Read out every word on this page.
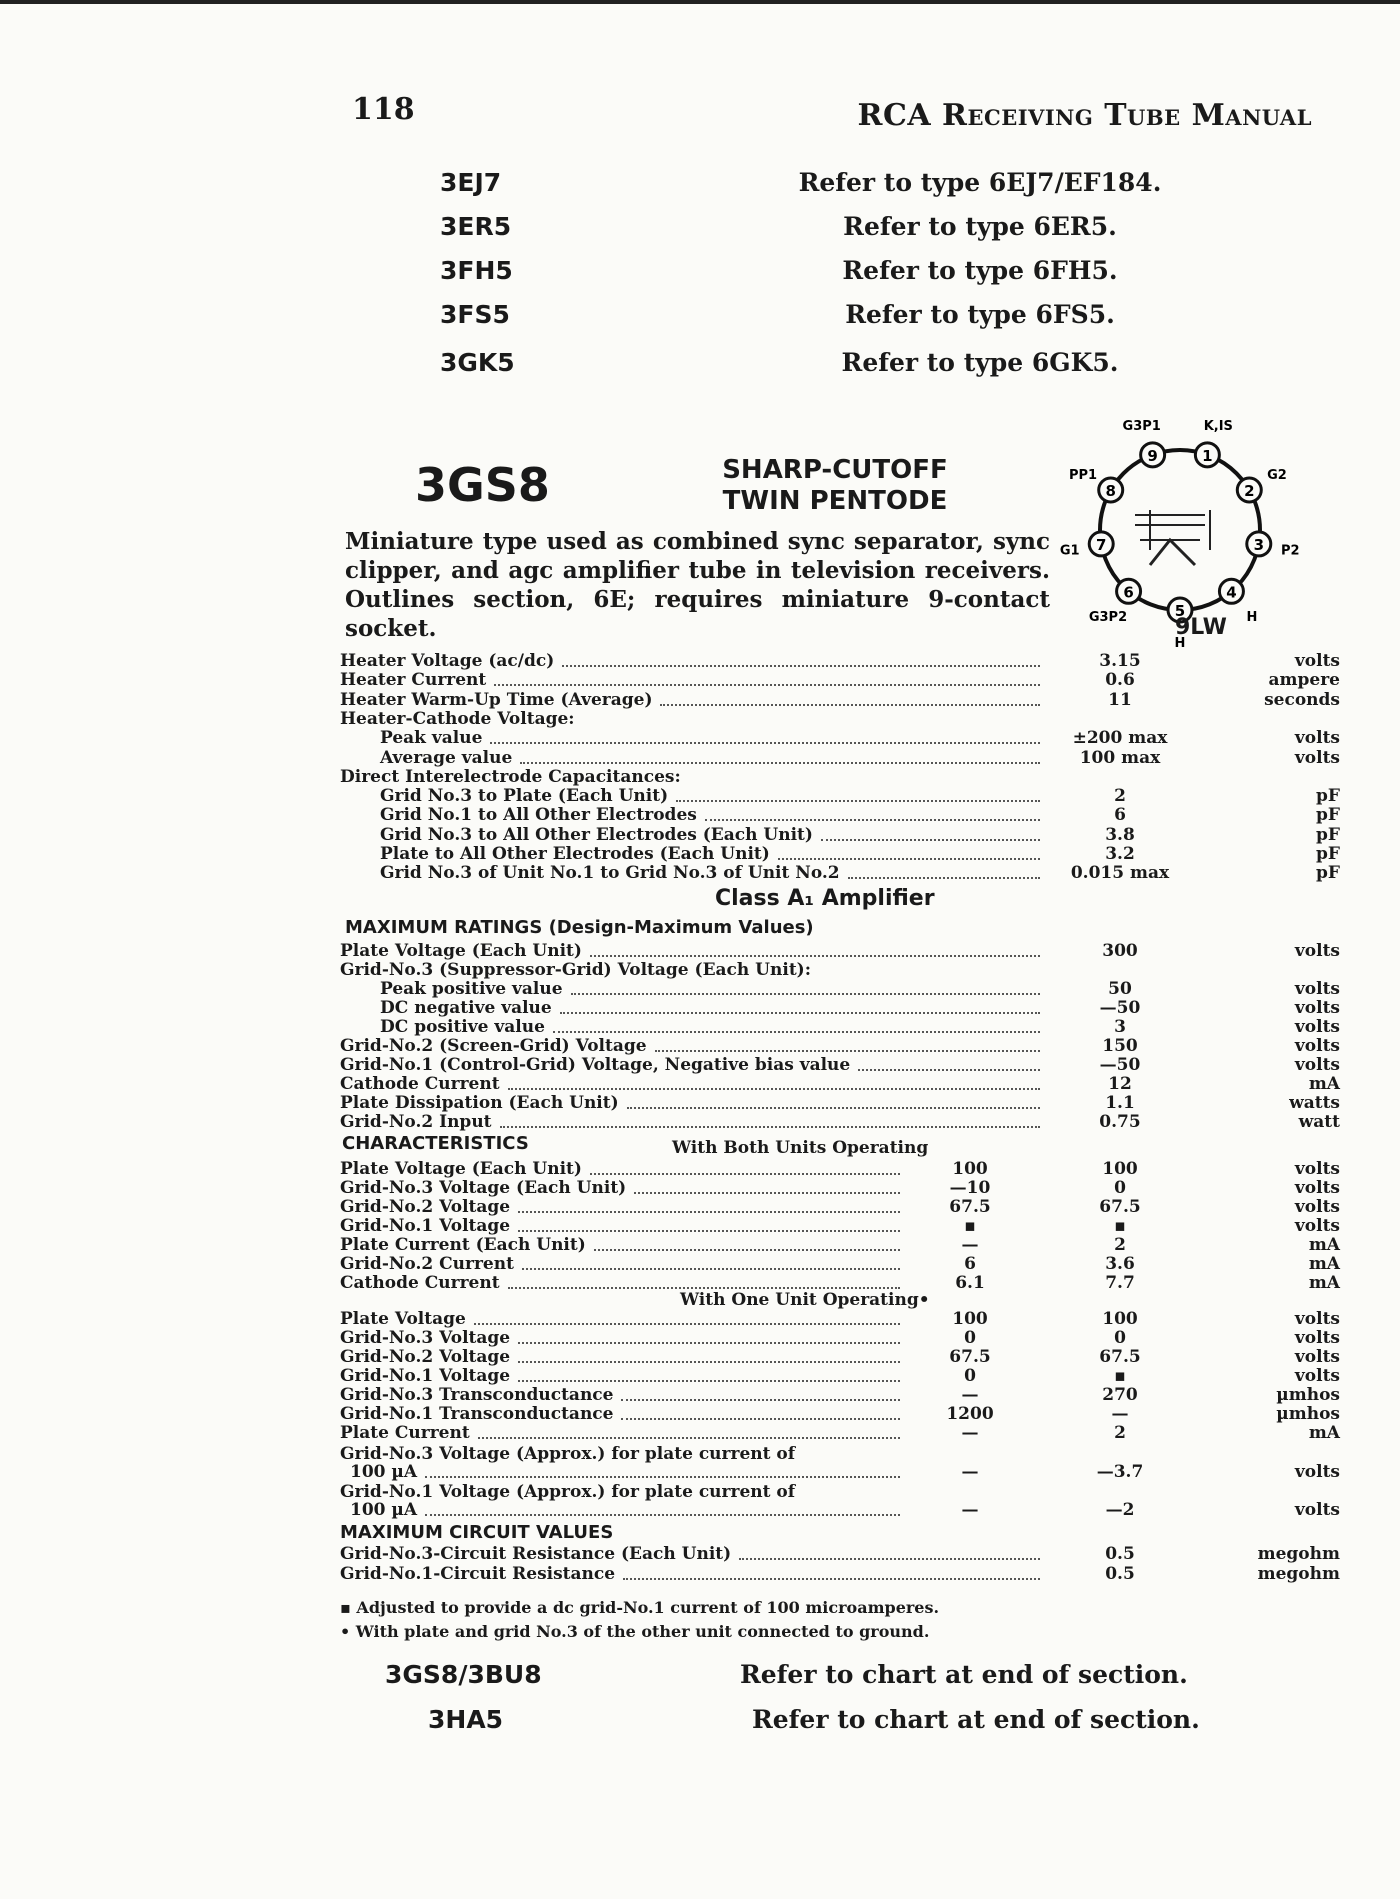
118	RCA Receiving Tube Manual
3EJ7	Refer to type 6EJ7/EF184.
3ER5	Refer to type 6ER5.
3FH5	Refer to type 6FH5.
3FS5	Refer to type 6FS5.
3GK5	Refer to type 6GK5.
3GS8	SHARP-CUTOFF
TWIN PENTODE
Miniature type used as combined sync separator, sync clipper, and agc amplifier tube in television receivers. Outlines section, 6E; requires miniature 9-contact socket.
1
K,IS
2
G2
3 P2
4
H
5
H
6
G3P2
7
G1
8
PP1
9
G3P1
9LW
Heater Voltage (ac/dc)	3.15	volts
Heater Current	0.6	ampere
Heater Warm-Up Time (Average)	11	seconds
Heater-Cathode Voltage:
Peak value	±200 max	volts
Average value	100 max	volts
Direct Interelectrode Capacitances:
Grid No.3 to Plate (Each Unit)	2	pF
Grid No.1 to All Other Electrodes	6	pF
Grid No.3 to All Other Electrodes (Each Unit)	3.8	pF
Plate to All Other Electrodes (Each Unit)	3.2	pF
Grid No.3 of Unit No.1 to Grid No.3 of Unit No.2	0.015 max	pF
Class A₁ Amplifier
MAXIMUM RATINGS (Design-Maximum Values)
Plate Voltage (Each Unit)	300	volts
Grid-No.3 (Suppressor-Grid) Voltage (Each Unit):
Peak positive value	50	volts
DC negative value	—50	volts
DC positive value	3	volts
Grid-No.2 (Screen-Grid) Voltage	150	volts
Grid-No.1 (Control-Grid) Voltage, Negative bias value	—50	volts
Cathode Current	12	mA
Plate Dissipation (Each Unit)	1.1	watts
Grid-No.2 Input	0.75	watt
CHARACTERISTICS	With Both Units Operating
Plate Voltage (Each Unit)	100	100	volts
Grid-No.3 Voltage (Each Unit)	—10	0	volts
Grid-No.2 Voltage	67.5	67.5	volts
Grid-No.1 Voltage	▪	▪	volts
Plate Current (Each Unit)	—	2	mA
Grid-No.2 Current	6	3.6	mA
Cathode Current	6.1	7.7	mA
With One Unit Operating•
Plate Voltage	100	100	volts
Grid-No.3 Voltage	0	0	volts
Grid-No.2 Voltage	67.5	67.5	volts
Grid-No.1 Voltage	0	▪	volts
Grid-No.3 Transconductance	—	270	µmhos
Grid-No.1 Transconductance	1200	—	µmhos
Plate Current	—	2	mA
Grid-No.3 Voltage (Approx.) for plate current of
100 µA	—	—3.7	volts
Grid-No.1 Voltage (Approx.) for plate current of
100 µA	—	—2	volts
MAXIMUM CIRCUIT VALUES
Grid-No.3-Circuit Resistance (Each Unit)	0.5	megohm
Grid-No.1-Circuit Resistance	0.5	megohm
▪ Adjusted to provide a dc grid-No.1 current of 100 microamperes.
• With plate and grid No.3 of the other unit connected to ground.
3GS8/3BU8	Refer to chart at end of section.
3HA5	Refer to chart at end of section.
